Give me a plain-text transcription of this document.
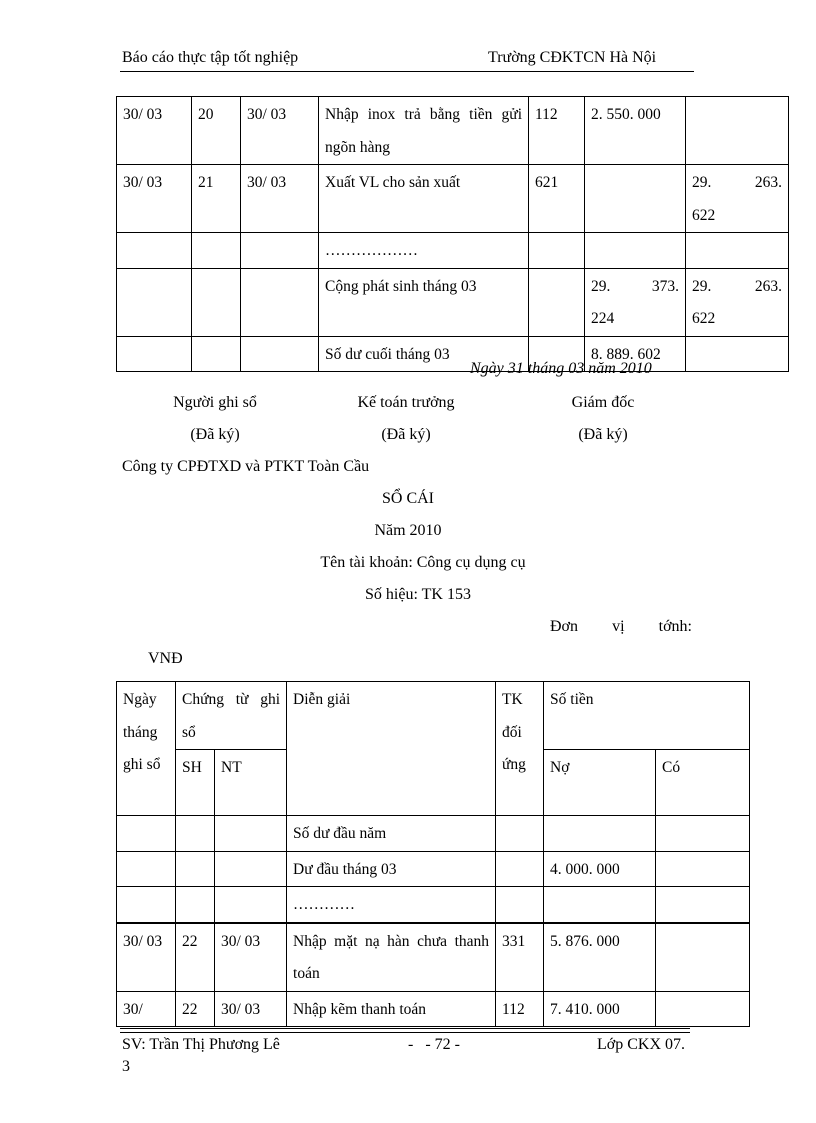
Báo cáo thực tập tốt nghiệp	Trường CĐKTCN Hà Nội
30/ 03	20	30/ 03	Nhập inox trả bằng tiền gửi ngõn hàng	112	2. 550. 000	
30/ 03	21	30/ 03	Xuất VL cho sản xuất	621		29. 263. 622
			………………			
			Cộng phát sinh tháng 03		29. 373. 224	29. 263. 622
			Số dư cuối tháng 03		8. 889. 602	
Ngày 31 tháng 03 năm 2010
Người ghi sổ	Kế toán trưởng	Giám đốc
(Đã ký)	(Đã ký)	(Đã ký)
Công ty CPĐTXD và PTKT Toàn Cầu
SỔ CÁI
Năm 2010
Tên tài khoản: Công cụ dụng cụ
Số hiệu: TK 153
Đơn vị tớnh:
VNĐ
Ngày tháng ghi sổ	Chứng từ ghi sổ		Diễn giải	TK đối ứng	Số tiền	
	SH	NT			Nợ	Có
			Số dư đầu năm			
			Dư đầu tháng 03		4. 000. 000	
			…………			
30/ 03	22	30/ 03	Nhập mặt nạ hàn chưa thanh toán	331	5. 876. 000	
30/	22	30/ 03	Nhập kẽm thanh toán	112	7. 410. 000	
SV: Trần Thị Phương Lê	-   - 72 -	Lớp CKX 07.
3
